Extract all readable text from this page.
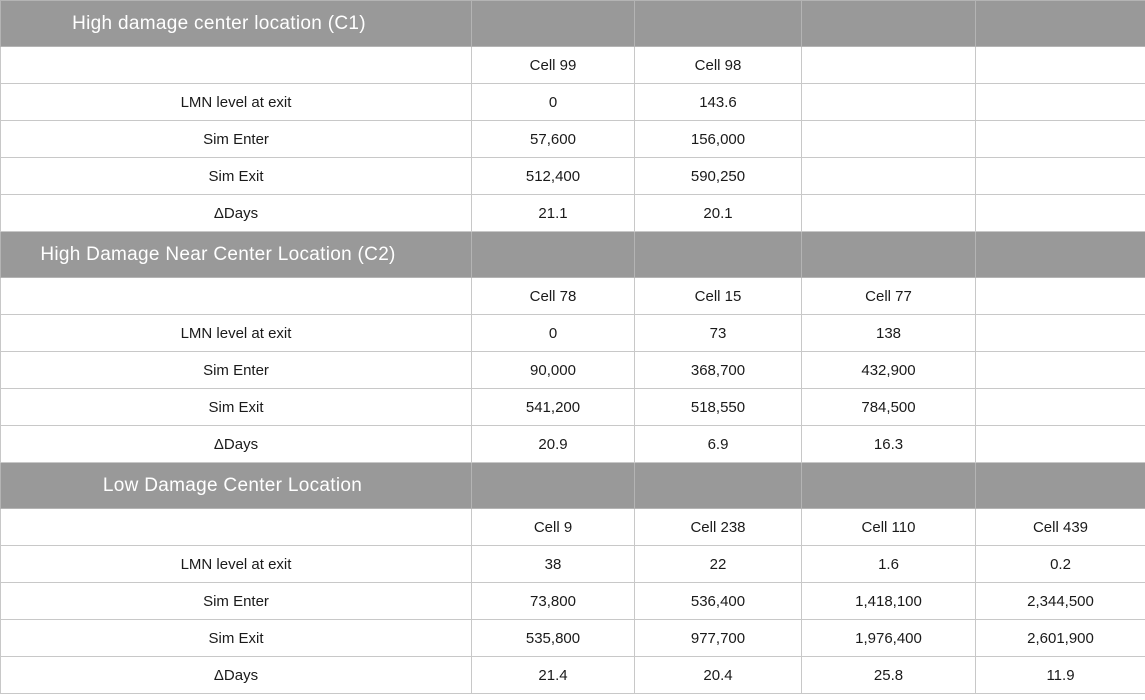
High damage center location (C1)				
	Cell 99	Cell 98		
LMN level at exit	0	143.6		
Sim Enter	57,600	156,000		
Sim Exit	512,400	590,250		
ΔDays	21.1	20.1		
High Damage Near Center Location (C2)				
	Cell 78	Cell 15	Cell 77	
LMN level at exit	0	73	138	
Sim Enter	90,000	368,700	432,900	
Sim Exit	541,200	518,550	784,500	
ΔDays	20.9	6.9	16.3	
Low Damage Center Location				
	Cell 9	Cell 238	Cell 110	Cell 439
LMN level at exit	38	22	1.6	0.2
Sim Enter	73,800	536,400	1,418,100	2,344,500
Sim Exit	535,800	977,700	1,976,400	2,601,900
ΔDays	21.4	20.4	25.8	11.9
